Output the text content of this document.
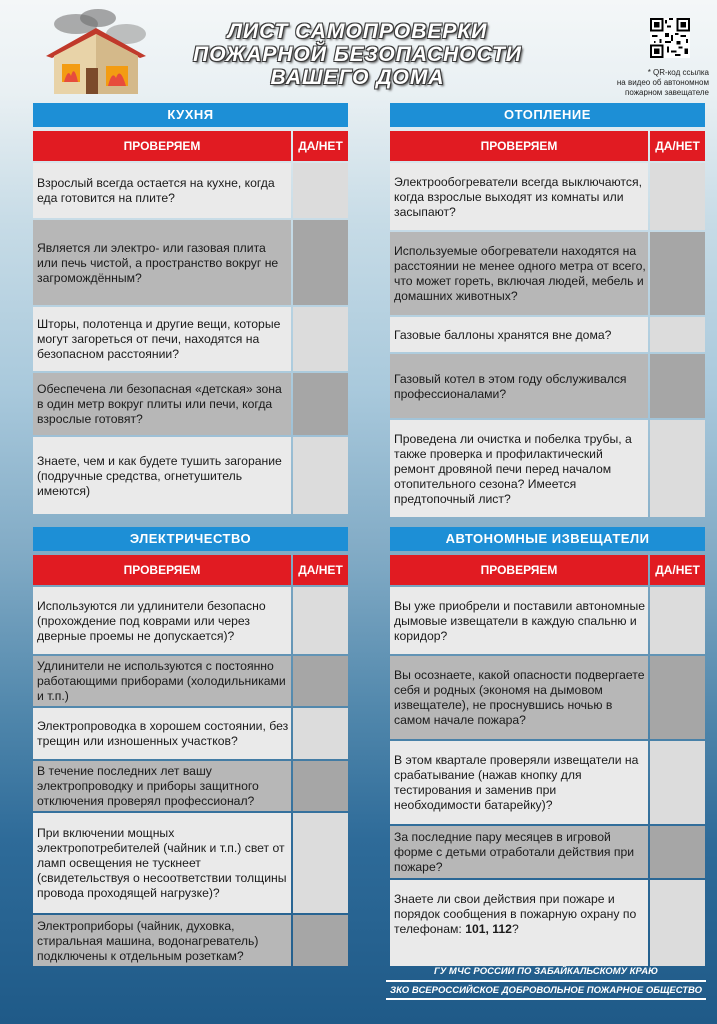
ЛИСТ САМОПРОВЕРКИ
ПОЖАРНОЙ БЕЗОПАСНОСТИ
ВАШЕГО ДОМА	* QR-код ссылка
на видео об автономном
пожарном завещателе
КУХНЯ
ПРОВЕРЯЕМ	ДА/НЕТ
Взрослый всегда остается на кухне, когда еда готовится на плите?
Является ли электро- или газовая плита или печь чистой, а пространство вокруг не загромождённым?
Шторы, полотенца и другие вещи, которые могут загореться от печи, находятся на безопасном расстоянии?
Обеспечена ли безопасная «детская» зона в один метр вокруг плиты или печи, когда взрослые готовят?
Знаете, чем и как будете тушить загорание (подручные средства, огнетушитель имеются)
ОТОПЛЕНИЕ
ПРОВЕРЯЕМ	ДА/НЕТ
Электрообогреватели всегда выключаются, когда взрослые выходят из комнаты или засыпают?
Используемые обогреватели находятся на расстоянии не менее одного метра от всего, что может гореть, включая людей, мебель и домашних животных?
Газовые баллоны хранятся вне дома?
Газовый котел в этом году обслуживался профессионалами?
Проведена ли очистка и побелка трубы, а также проверка и профилактический ремонт дровяной печи перед началом отопительного сезона? Имеется предтопочный лист?
ЭЛЕКТРИЧЕСТВО
ПРОВЕРЯЕМ	ДА/НЕТ
Используются ли удлинители безопасно (прохождение под коврами или через дверные проемы не допускается)?
Удлинители не используются с постоянно работающими приборами (холодильниками и т.п.)
Электропроводка в хорошем состоянии, без трещин или изношенных участков?
В течение последних лет вашу электропроводку и приборы защитного отключения проверял профессионал?
При включении мощных электропотребителей (чайник и т.п.) свет от ламп освещения не тускнеет (свидетельствуя о несоответствии толщины провода проходящей нагрузке)?
Электроприборы (чайник, духовка, стиральная машина, водонагреватель) подключены к отдельным розеткам?
АВТОНОМНЫЕ ИЗВЕЩАТЕЛИ
ПРОВЕРЯЕМ	ДА/НЕТ
Вы уже приобрели и поставили автономные дымовые извещатели в каждую спальню и коридор?
Вы осознаете, какой опасности подвергаете себя и родных (экономя на дымовом извещателе), не проснувшись ночью в самом начале пожара?
В этом квартале проверяли извещатели на срабатывание (нажав кнопку для тестирования и заменив при необходимости батарейку)?
За последние пару месяцев в игровой форме с детьми отработали действия при пожаре?
Знаете ли свои действия при пожаре и порядок сообщения в пожарную охрану по телефонам: 101, 112?
ГУ МЧС РОССИИ ПО ЗАБАЙКАЛЬСКОМУ КРАЮ
ЗКО ВСЕРОССИЙСКОЕ ДОБРОВОЛЬНОЕ ПОЖАРНОЕ ОБЩЕСТВО
